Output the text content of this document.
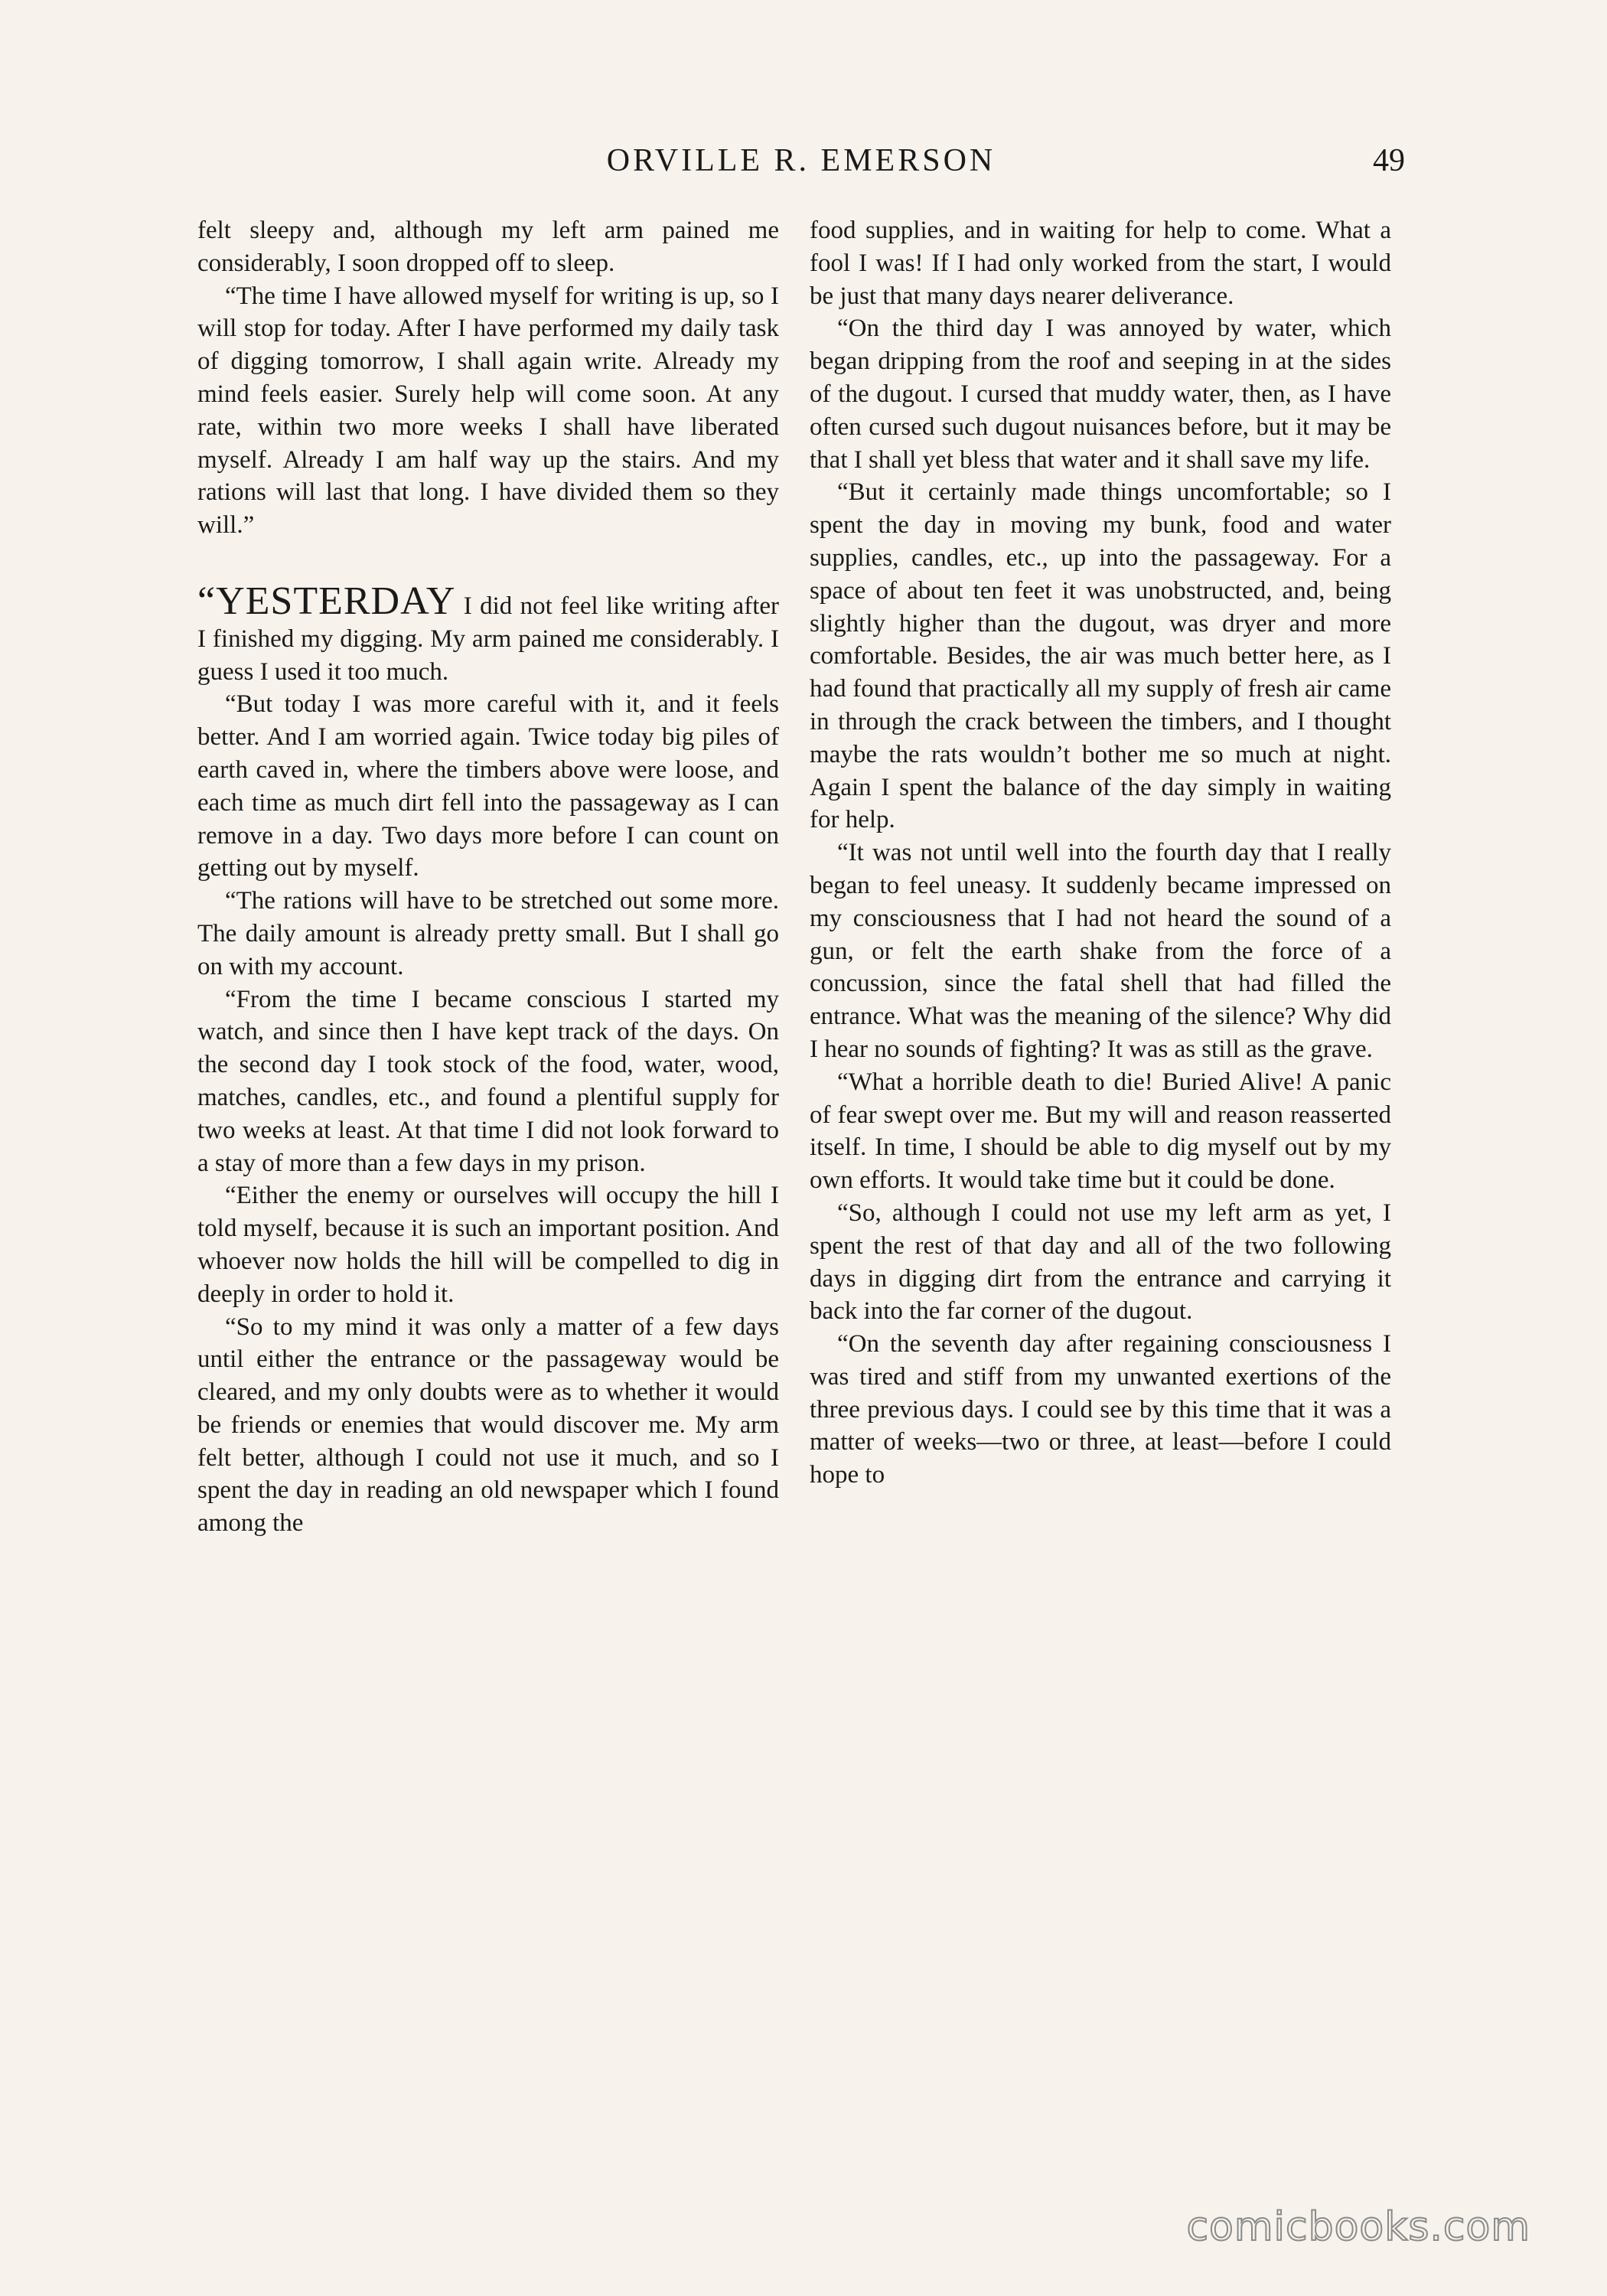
ORVILLE R. EMERSON	49

felt sleepy and, although my left arm pained me considerably, I soon dropped off to sleep.

“The time I have allowed myself for writing is up, so I will stop for today. After I have performed my daily task of digging tomorrow, I shall again write. Already my mind feels easier. Surely help will come soon. At any rate, within two more weeks I shall have liberated myself. Already I am half way up the stairs. And my rations will last that long. I have divided them so they will.”

“YESTERDAY I did not feel like writing after I finished my digging. My arm pained me considerably. I guess I used it too much.

“But today I was more careful with it, and it feels better. And I am worried again. Twice today big piles of earth caved in, where the timbers above were loose, and each time as much dirt fell into the passageway as I can remove in a day. Two days more before I can count on getting out by myself.

“The rations will have to be stretched out some more. The daily amount is already pretty small. But I shall go on with my account.

“From the time I became conscious I started my watch, and since then I have kept track of the days. On the second day I took stock of the food, water, wood, matches, candles, etc., and found a plentiful supply for two weeks at least. At that time I did not look forward to a stay of more than a few days in my prison.

“Either the enemy or ourselves will occupy the hill I told myself, because it is such an important position. And whoever now holds the hill will be compelled to dig in deeply in order to hold it.

“So to my mind it was only a matter of a few days until either the entrance or the passageway would be cleared, and my only doubts were as to whether it would be friends or enemies that would discover me. My arm felt better, although I could not use it much, and so I spent the day in reading an old newspaper which I found among the

food supplies, and in waiting for help to come. What a fool I was! If I had only worked from the start, I would be just that many days nearer deliverance.

“On the third day I was annoyed by water, which began dripping from the roof and seeping in at the sides of the dugout. I cursed that muddy water, then, as I have often cursed such dugout nuisances before, but it may be that I shall yet bless that water and it shall save my life.

“But it certainly made things uncomfortable; so I spent the day in moving my bunk, food and water supplies, candles, etc., up into the passageway. For a space of about ten feet it was unobstructed, and, being slightly higher than the dugout, was dryer and more comfortable. Besides, the air was much better here, as I had found that practically all my supply of fresh air came in through the crack between the timbers, and I thought maybe the rats wouldn’t bother me so much at night. Again I spent the balance of the day simply in waiting for help.

“It was not until well into the fourth day that I really began to feel uneasy. It suddenly became impressed on my consciousness that I had not heard the sound of a gun, or felt the earth shake from the force of a concussion, since the fatal shell that had filled the entrance. What was the meaning of the silence? Why did I hear no sounds of fighting? It was as still as the grave.

“What a horrible death to die! Buried Alive! A panic of fear swept over me. But my will and reason reasserted itself. In time, I should be able to dig myself out by my own efforts. It would take time but it could be done.

“So, although I could not use my left arm as yet, I spent the rest of that day and all of the two following days in digging dirt from the entrance and carrying it back into the far corner of the dugout.

“On the seventh day after regaining consciousness I was tired and stiff from my unwanted exertions of the three previous days. I could see by this time that it was a matter of weeks—two or three, at least—before I could hope to

comicbooks.com
